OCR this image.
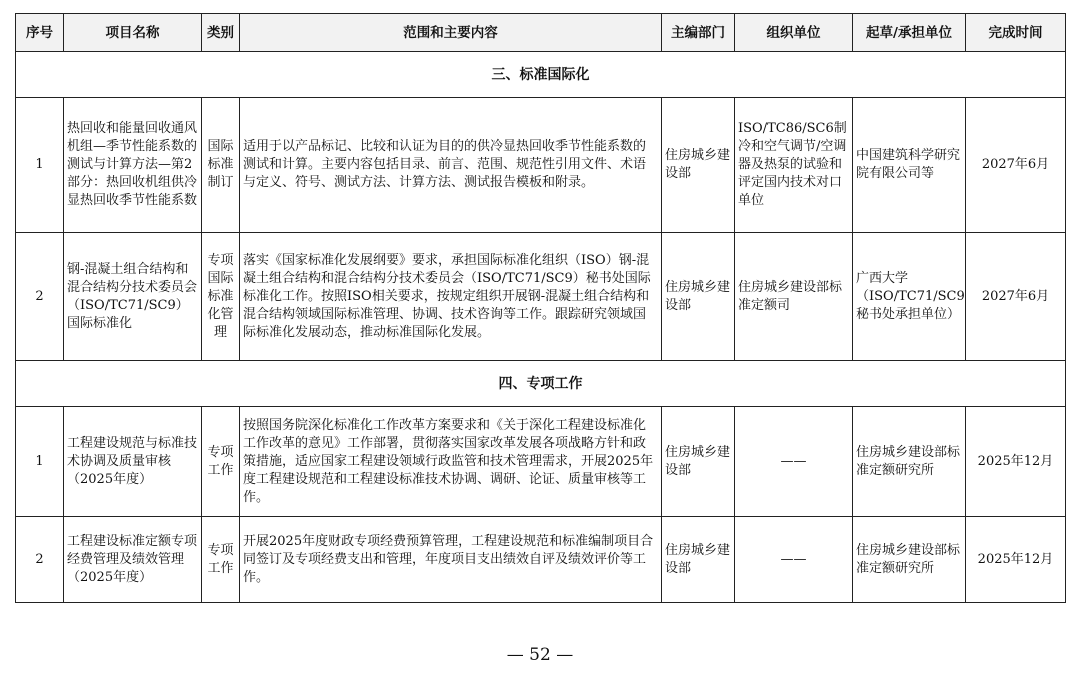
序号	项目名称	类别	范围和主要内容	主编部门	组织单位	起草/承担单位	完成时间
三、标准国际化							
1	热回收和能量回收通风机组—季节性能系数的测试与计算方法—第2部分：热回收机组供冷显热回收季节性能系数	国际标准制订	适用于以产品标记、比较和认证为目的的供冷显热回收季节性能系数的测试和计算。主要内容包括目录、前言、范围、规范性引用文件、术语与定义、符号、测试方法、计算方法、测试报告模板和附录。	住房城乡建设部	ISO/TC86/SC6制冷和空气调节/空调器及热泵的试验和评定国内技术对口单位	中国建筑科学研究院有限公司等	2027年6月
2	钢-混凝土组合结构和混合结构分技术委员会（ISO/TC71/SC9）国际标准化	专项国际标准化管理	落实《国家标准化发展纲要》要求，承担国际标准化组织（ISO）钢-混凝土组合结构和混合结构分技术委员会（ISO/TC71/SC9）秘书处国际标准化工作。按照ISO相关要求，按规定组织开展钢-混凝土组合结构和混合结构领域国际标准管理、协调、技术咨询等工作。跟踪研究领域国际标准化发展动态，推动标准国际化发展。	住房城乡建设部	住房城乡建设部标准定额司	广西大学（ISO/TC71/SC9秘书处承担单位）	2027年6月
四、专项工作							
1	工程建设规范与标准技术协调及质量审核（2025年度）	专项工作	按照国务院深化标准化工作改革方案要求和《关于深化工程建设标准化工作改革的意见》工作部署，贯彻落实国家改革发展各项战略方针和政策措施，适应国家工程建设领域行政监管和技术管理需求，开展2025年度工程建设规范和工程建设标准技术协调、调研、论证、质量审核等工作。	住房城乡建设部	——	住房城乡建设部标准定额研究所	2025年12月
2	工程建设标准定额专项经费管理及绩效管理（2025年度）	专项工作	开展2025年度财政专项经费预算管理，工程建设规范和标准编制项目合同签订及专项经费支出和管理，年度项目支出绩效自评及绩效评价等工作。	住房城乡建设部	——	住房城乡建设部标准定额研究所	2025年12月
— 52 —
